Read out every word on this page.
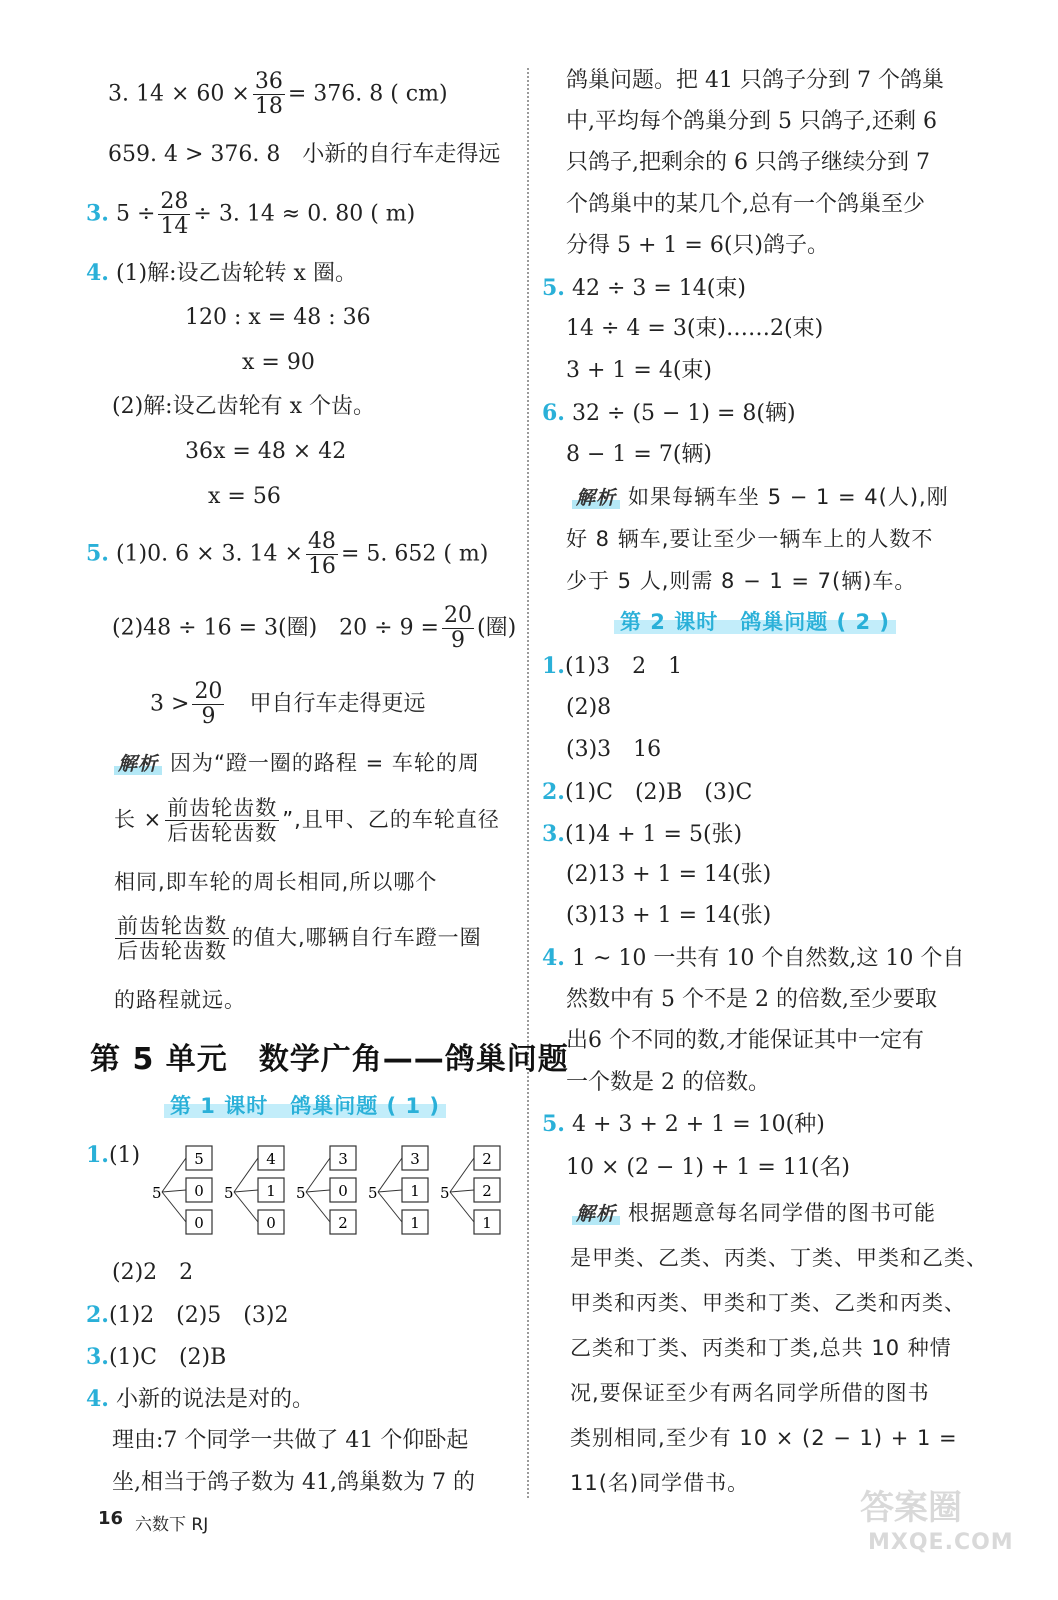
3. $14 \times 60 \times \frac{36}{18} = 376$. 8 ( cm)
659. 4 > 376. 8　小新的自行车走得远
3. $5 \div \frac{28}{14} \div 3$. 14 ≈ 0. 80 ( m)
4. (1)解:设乙齿轮转 x 圈。
120 : x = 48 : 36
x = 90
(2)解:设乙齿轮有 x 个齿。
36x = 48 × 42
x = 56
5. (1)0. 6 × 3. $14 \times \frac{48}{16} = 5$. 652 ( m)
(2)48 ÷ 16 = 3(圈)　$20 \div 9 = \frac{20}{9}$ (圈)
$3 > \frac{20}{9}$
　 甲自行车走得更远
解析 因为“蹬一圈的路程 = 车轮的周
长 × $\frac{\text{前齿轮齿数}}{\text{后齿轮齿数}}$ ”,且甲、乙的车轮直径
相同,即车轮的周长相同,所以哪个
$\frac{\text{前齿轮齿数}}{\text{后齿轮齿数}}$ 的值大,哪辆自行车蹬一圈
的路程就远。
第 5 单元　数学广角——鸽巢问题
第 1 课时　鸽巢问题 ( 1 )
1.(1)
5
5
0
0
5
4
1
0
5
3
0
2
5
3
1
1
5
2
2
1
(2)2　2
2.(1)2　(2)5　(3)2
3.(1)C　(2)B
4. 小新的说法是对的。
理由:7 个同学一共做了 41 个仰卧起
坐,相当于鸽子数为 41,鸽巢数为 7 的
鸽巢问题。把 41 只鸽子分到 7 个鸽巢
中,平均每个鸽巢分到 5 只鸽子,还剩 6
只鸽子,把剩余的 6 只鸽子继续分到 7
个鸽巢中的某几个,总有一个鸽巢至少
分得 5 + 1 = 6(只)鸽子。
5. 42 ÷ 3 = 14(束)
14 ÷ 4 = 3(束)……2(束)
3 + 1 = 4(束)
6. 32 ÷ (5 − 1) = 8(辆)
8 − 1 = 7(辆)
解析 如果每辆车坐 5 − 1 = 4(人),刚
好 8 辆车,要让至少一辆车上的人数不
少于 5 人,则需 8 − 1 = 7(辆)车。
第 2 课时　鸽巢问题 ( 2 )
1.(1)3　2　1
(2)8
(3)3　16
2.(1)C　(2)B　(3)C
3.(1)4 + 1 = 5(张)
(2)13 + 1 = 14(张)
(3)13 + 1 = 14(张)
4. 1 ~ 10 一共有 10 个自然数,这 10 个自
然数中有 5 个不是 2 的倍数,至少要取
出6 个不同的数,才能保证其中一定有
一个数是 2 的倍数。
5. 4 + 3 + 2 + 1 = 10(种)
10 × (2 − 1) + 1 = 11(名)
解析 根据题意每名同学借的图书可能
是甲类、乙类、丙类、丁类、甲类和乙类、
甲类和丙类、甲类和丁类、乙类和丙类、
乙类和丁类、丙类和丁类,总共 10 种情
况,要保证至少有两名同学所借的图书
类别相同,至少有 10 × (2 − 1) + 1 =
11(名)同学借书。
16 六数下 RJ	答案圈
MXQE.COM
